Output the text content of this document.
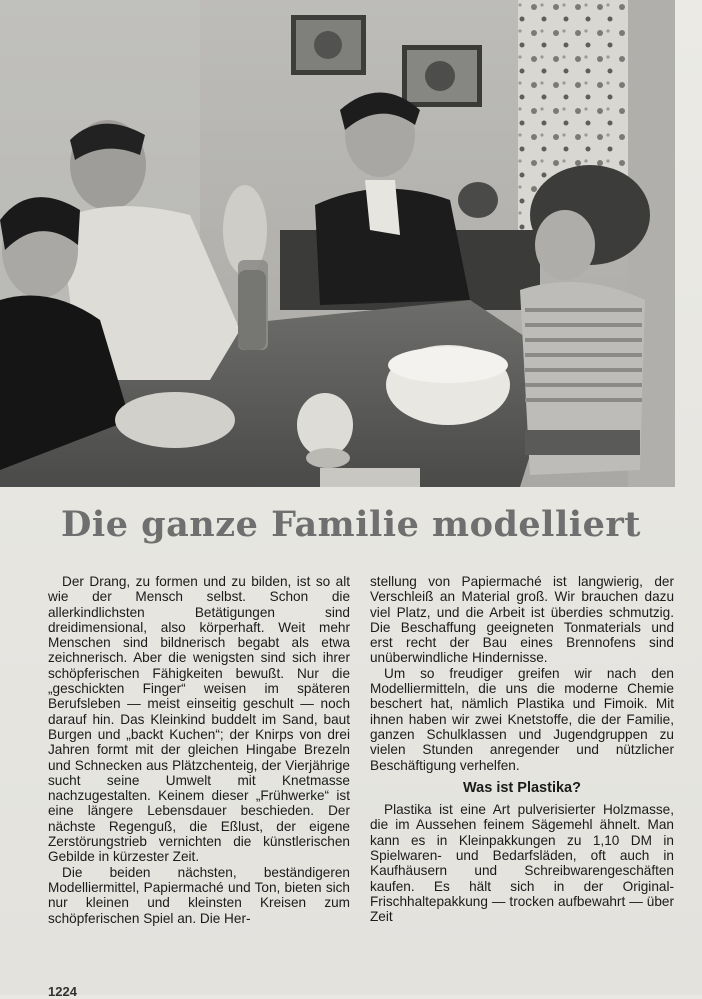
Die ganze Familie modelliert

Der Drang, zu formen und zu bilden, ist so alt wie der Mensch selbst. Schon die allerkindlichsten Betätigungen sind dreidimensional, also körperhaft. Weit mehr Menschen sind bildnerisch begabt als etwa zeichnerisch. Aber die wenigsten sind sich ihrer schöpferischen Fähigkeiten bewußt. Nur die „geschickten Finger“ weisen im späteren Berufsleben — meist einseitig geschult — noch darauf hin. Das Kleinkind buddelt im Sand, baut Burgen und „backt Kuchen“; der Knirps von drei Jahren formt mit der gleichen Hingabe Brezeln und Schnecken aus Plätzchenteig, der Vierjährige sucht seine Umwelt mit Knetmasse nachzugestalten. Keinem dieser „Frühwerke“ ist eine längere Lebensdauer beschieden. Der nächste Regenguß, die Eßlust, der eigene Zerstörungstrieb vernichten die künstlerischen Gebilde in kürzester Zeit.

Die beiden nächsten, beständigeren Modelliermittel, Papiermaché und Ton, bieten sich nur kleinen und kleinsten Kreisen zum schöpferischen Spiel an. Die Her-

stellung von Papiermaché ist langwierig, der Verschleiß an Material groß. Wir brauchen dazu viel Platz, und die Arbeit ist überdies schmutzig. Die Beschaffung geeigneten Tonmaterials und erst recht der Bau eines Brennofens sind unüberwindliche Hindernisse.

Um so freudiger greifen wir nach den Modelliermitteln, die uns die moderne Chemie beschert hat, nämlich Plastika und Fimoik. Mit ihnen haben wir zwei Knetstoffe, die der Familie, ganzen Schulklassen und Jugendgruppen zu vielen Stunden anregender und nützlicher Beschäftigung verhelfen.

Was ist Plastika?

Plastika ist eine Art pulverisierter Holzmasse, die im Aussehen feinem Sägemehl ähnelt. Man kann es in Kleinpakkungen zu 1,10 DM in Spielwaren- und Bedarfsläden, oft auch in Kaufhäusern und Schreibwarengeschäften kaufen. Es hält sich in der Original-Frischhaltepakkung — trocken aufbewahrt — über Zeit

1224
